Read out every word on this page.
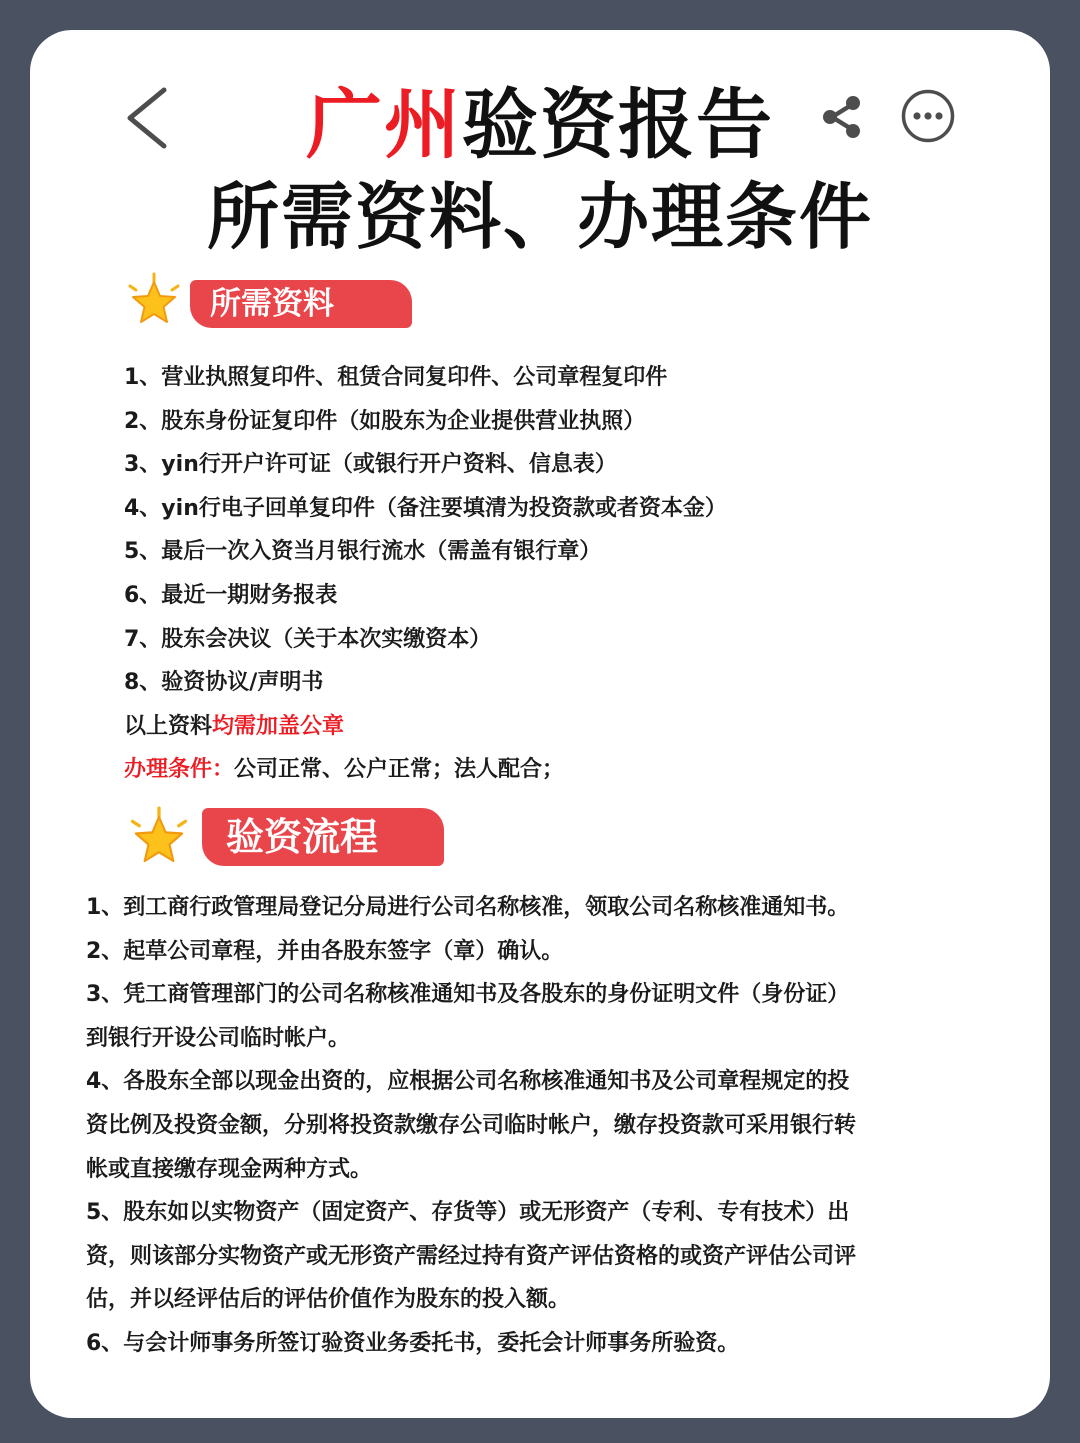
广州验资报告
所需资料、办理条件
所需资料
1、营业执照复印件、租赁合同复印件、公司章程复印件
2、股东身份证复印件（如股东为企业提供营业执照）
3、yin行开户许可证（或银行开户资料、信息表）
4、yin行电子回单复印件（备注要填清为投资款或者资本金）
5、最后一次入资当月银行流水（需盖有银行章）
6、最近一期财务报表
7、股东会决议（关于本次实缴资本）
8、验资协议/声明书
以上资料均需加盖公章
办理条件：公司正常、公户正常；法人配合；
验资流程
1、到工商行政管理局登记分局进行公司名称核准，领取公司名称核准通知书。
2、起草公司章程，并由各股东签字（章）确认。
3、凭工商管理部门的公司名称核准通知书及各股东的身份证明文件（身份证）
到银行开设公司临时帐户。
4、各股东全部以现金出资的，应根据公司名称核准通知书及公司章程规定的投
资比例及投资金额，分别将投资款缴存公司临时帐户，缴存投资款可采用银行转
帐或直接缴存现金两种方式。
5、股东如以实物资产（固定资产、存货等）或无形资产（专利、专有技术）出
资，则该部分实物资产或无形资产需经过持有资产评估资格的或资产评估公司评
估，并以经评估后的评估价值作为股东的投入额。
6、与会计师事务所签订验资业务委托书，委托会计师事务所验资。
